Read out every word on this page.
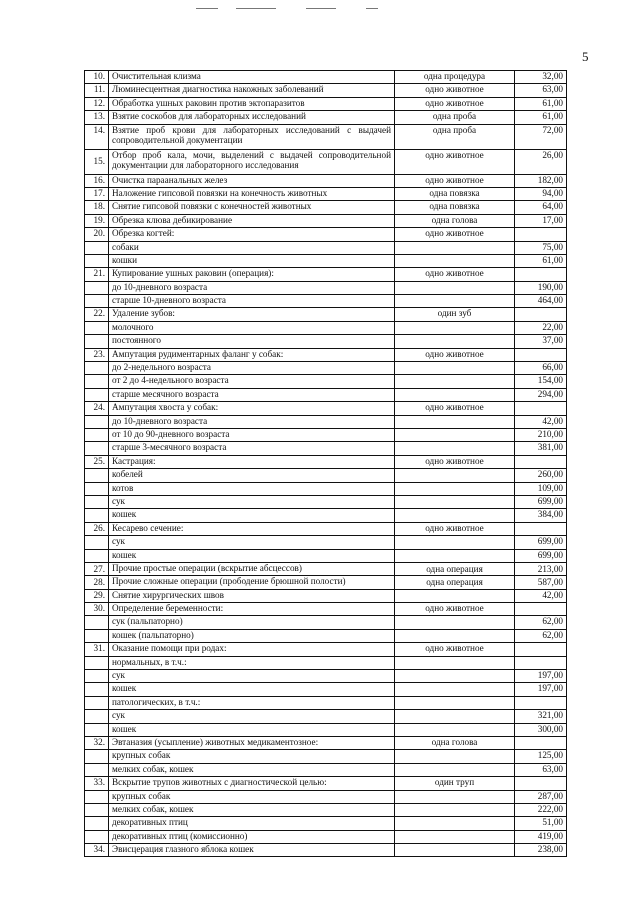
5
10.	Очистительная клизма	одна процедура	32,00
11.	Люминесцентная диагностика накожных заболеваний	одно животное	63,00
12.	Обработка ушных раковин против эктопаразитов	одно животное	61,00
13.	Взятие соскобов для лабораторных исследований	одна проба	61,00
14.	Взятие проб крови для лабораторных исследований с выдачей сопроводительной документации	одна проба	72,00
15.	Отбор проб кала, мочи, выделений с выдачей сопроводительной документации для лабораторного исследования	одно животное	26,00
16.	Очистка параанальных желез	одно животное	182,00
17.	Наложение гипсовой повязки на конечность животных	одна повязка	94,00
18.	Снятие гипсовой повязки с конечностей животных	одна повязка	64,00
19.	Обрезка клюва дебикирование	одна голова	17,00
20.	Обрезка когтей:	одно животное	
	собаки		75,00
	кошки		61,00
21.	Купирование ушных раковин (операция):	одно животное	
	до 10-дневного возраста		190,00
	старше 10-дневного возраста		464,00
22.	Удаление зубов:	один зуб	
	молочного		22,00
	постоянного		37,00
23.	Ампутация рудиментарных фаланг у собак:	одно животное	
	до 2-недельного возраста		66,00
	от 2 до 4-недельного возраста		154,00
	старше месячного возраста		294,00
24.	Ампутация хвоста у собак:	одно животное	
	до 10-дневного возраста		42,00
	от 10 до 90-дневного возраста		210,00
	старше 3-месячного возраста		381,00
25.	Кастрация:	одно животное	
	кобелей		260,00
	котов		109,00
	сук		699,00
	кошек		384,00
26.	Кесарево сечение:	одно животное	
	сук		699,00
	кошек		699,00
27.	Прочие простые операции (вскрытие абсцессов)	одна операция	213,00
28.	Прочие сложные операции (прободение брюшной полости)	одна операция	587,00
29.	Снятие хирургических швов		42,00
30.	Определение беременности:	одно животное	
	сук (пальпаторно)		62,00
	кошек (пальпаторно)		62,00
31.	Оказание помощи при родах:	одно животное	
	нормальных, в т.ч.:		
	сук		197,00
	кошек		197,00
	патологических, в т.ч.:		
	сук		321,00
	кошек		300,00
32.	Эвтаназия (усыпление) животных медикаментозное:	одна голова	
	крупных собак		125,00
	мелких собак, кошек		63,00
33.	Вскрытие трупов животных с диагностической целью:	один труп	
	крупных собак		287,00
	мелких собак, кошек		222,00
	декоративных птиц		51,00
	декоративных птиц (комиссионно)		419,00
34.	Эвисцерация глазного яблока кошек		238,00
